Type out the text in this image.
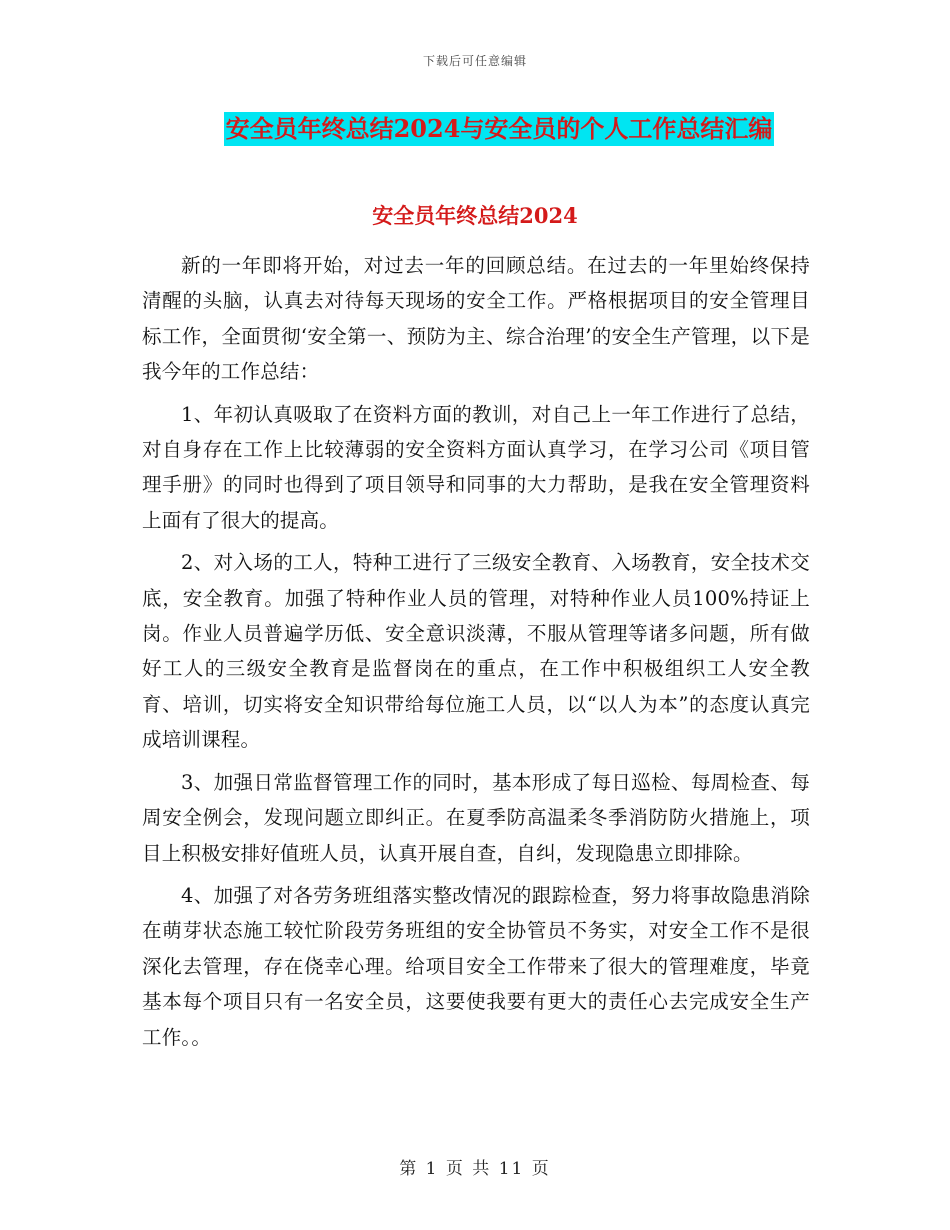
下载后可任意编辑
安全员年终总结2024与安全员的个人工作总结汇编
安全员年终总结2024

新的一年即将开始，对过去一年的回顾总结。在过去的一年里始终保持清醒的头脑，认真去对待每天现场的安全工作。严格根据项目的安全管理目标工作，全面贯彻‘安全第一、预防为主、综合治理’的安全生产管理，以下是我今年的工作总结：

1、年初认真吸取了在资料方面的教训，对自己上一年工作进行了总结，对自身存在工作上比较薄弱的安全资料方面认真学习，在学习公司《项目管理手册》的同时也得到了项目领导和同事的大力帮助，是我在安全管理资料上面有了很大的提高。

2、对入场的工人，特种工进行了三级安全教育、入场教育，安全技术交底，安全教育。加强了特种作业人员的管理，对特种作业人员100%持证上岗。作业人员普遍学历低、安全意识淡薄，不服从管理等诸多问题，所有做好工人的三级安全教育是监督岗在的重点，在工作中积极组织工人安全教育、培训，切实将安全知识带给每位施工人员，以“以人为本”的态度认真完成培训课程。

3、加强日常监督管理工作的同时，基本形成了每日巡检、每周检查、每周安全例会，发现问题立即纠正。在夏季防高温柔冬季消防防火措施上，项目上积极安排好值班人员，认真开展自查，自纠，发现隐患立即排除。

4、加强了对各劳务班组落实整改情况的跟踪检查，努力将事故隐患消除在萌芽状态施工较忙阶段劳务班组的安全协管员不务实，对安全工作不是很深化去管理，存在侥幸心理。给项目安全工作带来了很大的管理难度，毕竟基本每个项目只有一名安全员，这要使我要有更大的责任心去完成安全生产工作。。

第 1 页 共 11 页
